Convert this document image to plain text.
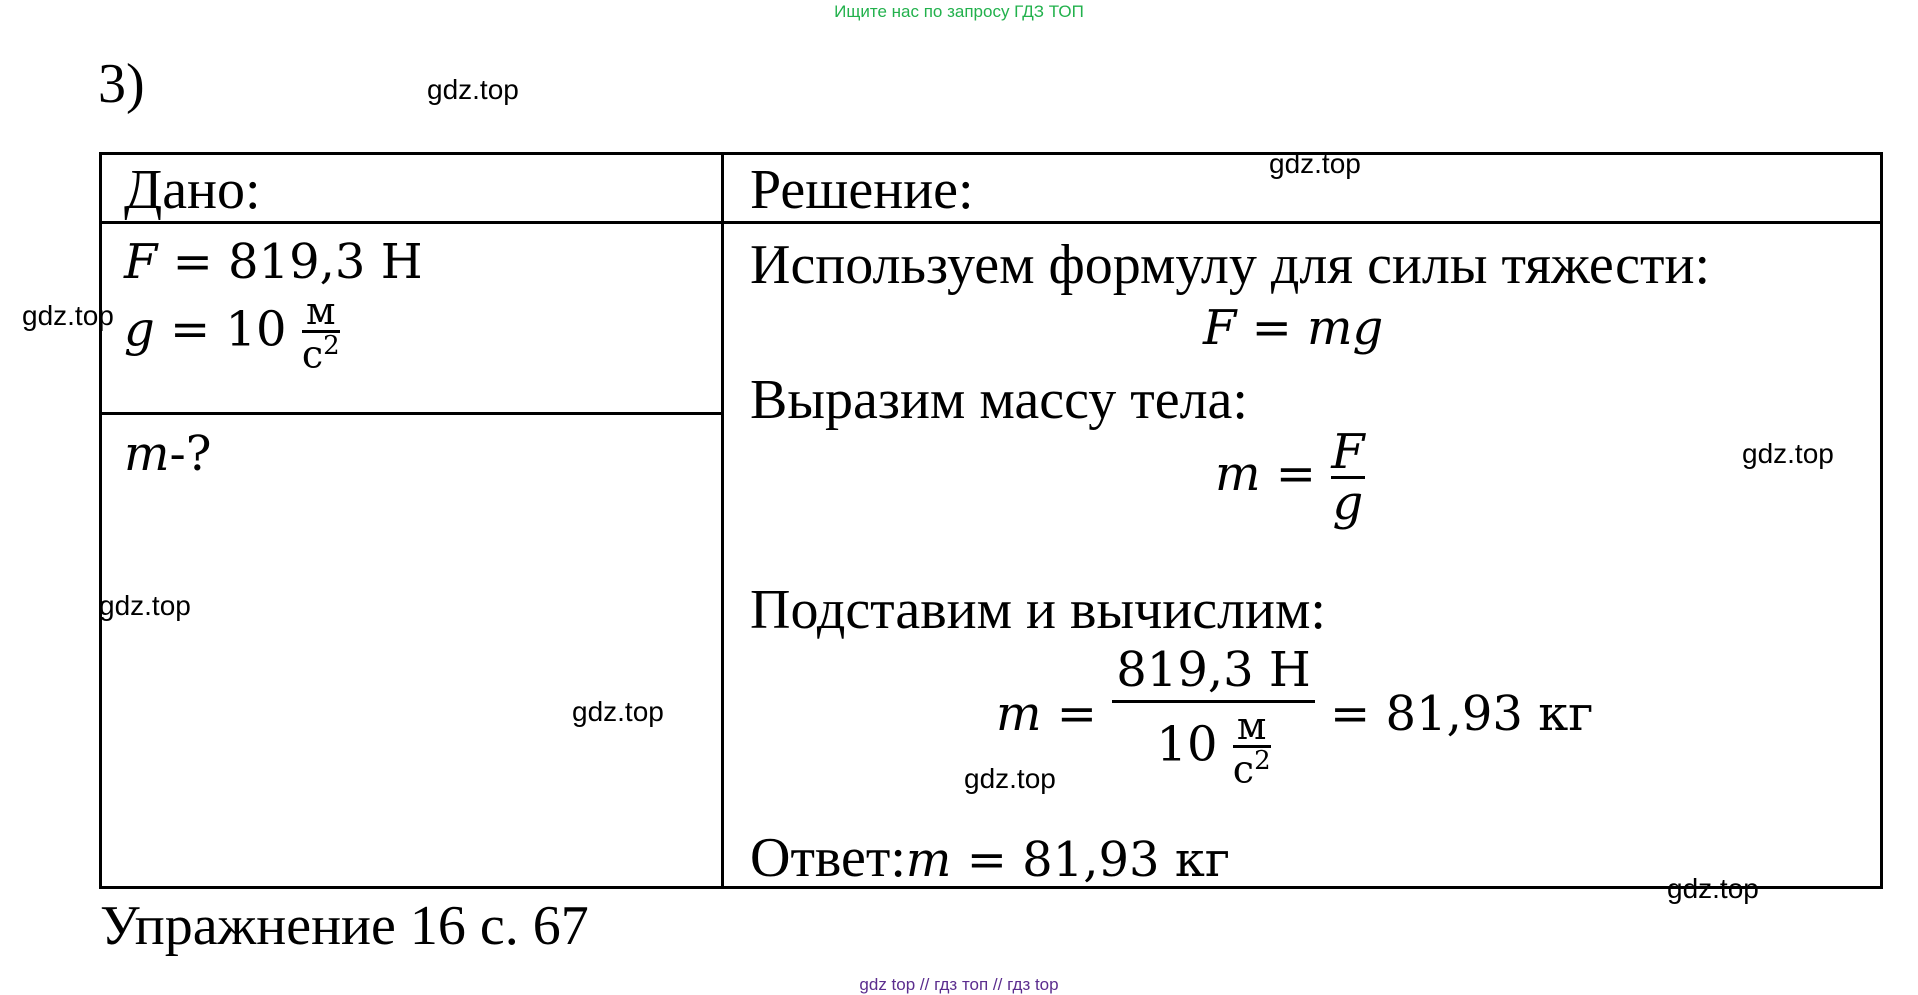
Ищите нас по запросу ГДЗ ТОП
3)	gdz.top
gdz.top
gdz.top
gdz.top
gdz.top
gdz.top
gdz.top
gdz.top
Дано:	Решение:
F = 819,3 Н
$g = 10 \frac{м}{с^2}$
m-?
Используем формулу для силы тяжести:
F = mg
Выразим массу тела:
$m = \frac{F}{g}$
Подставим и вычислим:
$m = \frac{819,3 Н}{10 \frac{м}{с^2}} = 81,93$ кг
Ответ:m = 81,93 кг
Упражнение 16 с. 67
gdz top // гдз топ // гдз top
